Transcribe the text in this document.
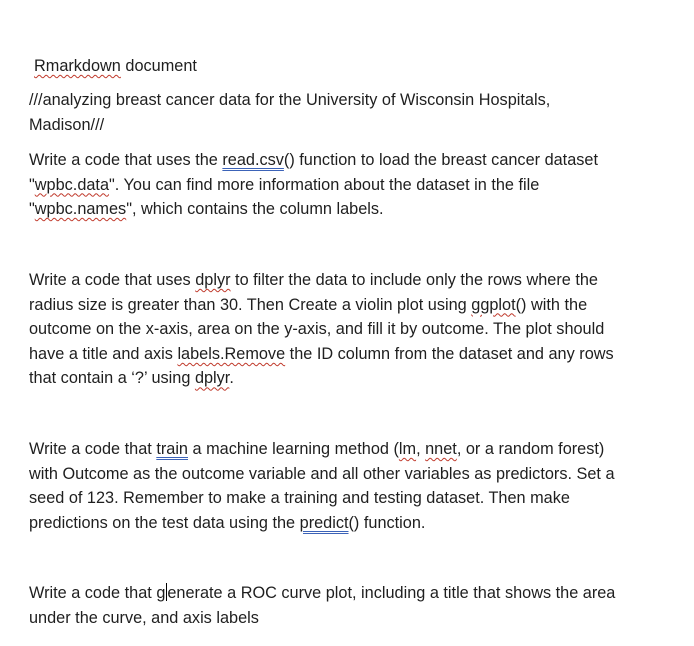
Rmarkdown document

///analyzing breast cancer data for the University of Wisconsin Hospitals,
Madison///

Write a code that uses the read.csv() function to load the breast cancer dataset
"wpbc.data". You can find more information about the dataset in the file
"wpbc.names", which contains the column labels.

Write a code that uses dplyr to filter the data to include only the rows where the
radius size is greater than 30. Then Create a violin plot using ggplot() with the
outcome on the x-axis, area on the y-axis, and fill it by outcome. The plot should
have a title and axis labels.Remove the ID column from the dataset and any rows
that contain a ‘?’ using dplyr.

Write a code that train a machine learning method (lm, nnet, or a random forest)
with Outcome as the outcome variable and all other variables as predictors. Set a
seed of 123. Remember to make a training and testing dataset. Then make
predictions on the test data using the predict() function.

Write a code that g enerate a ROC curve plot, including a title that shows the area
under the curve, and axis labels
